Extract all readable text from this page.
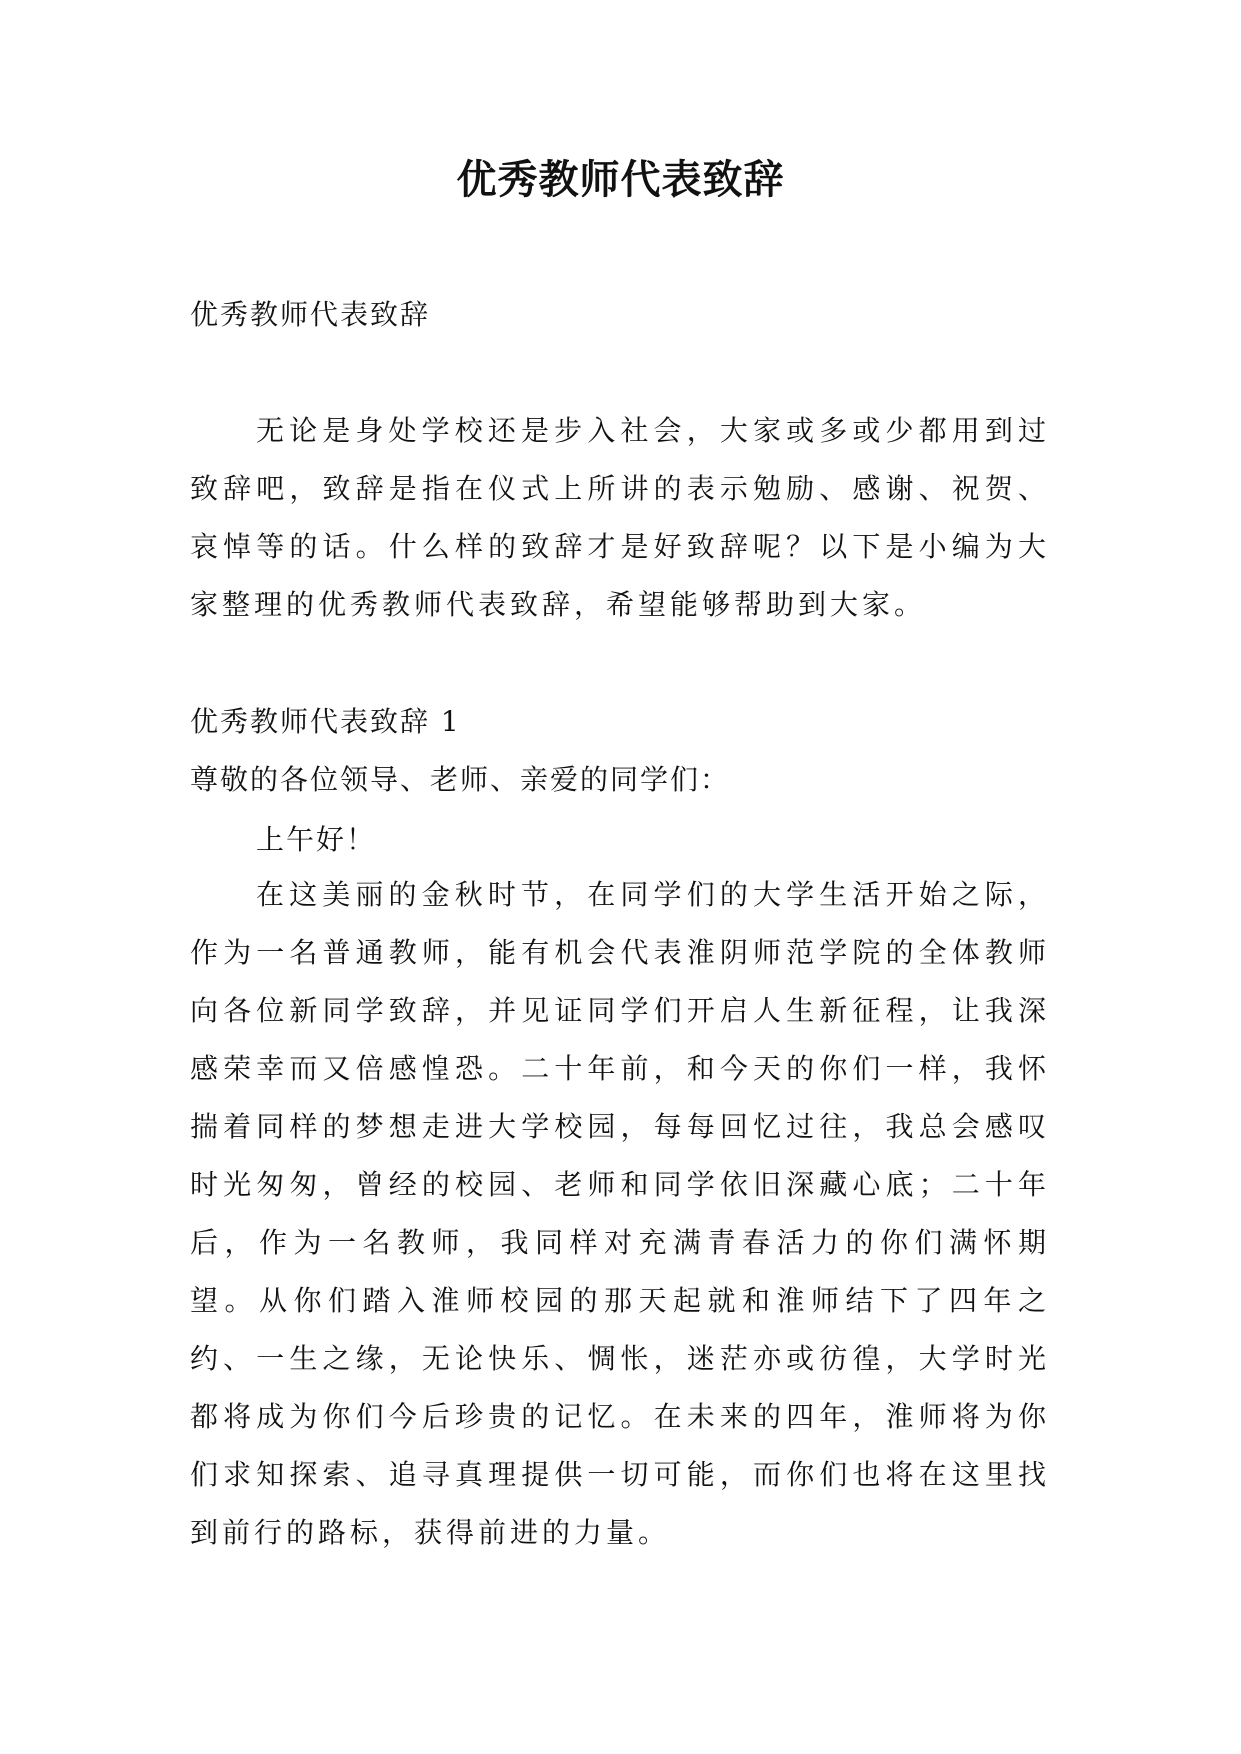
优秀教师代表致辞

优秀教师代表致辞

无论是身处学校还是步入社会，大家或多或少都用到过致辞吧，致辞是指在仪式上所讲的表示勉励、感谢、祝贺、哀悼等的话。什么样的致辞才是好致辞呢？以下是小编为大家整理的优秀教师代表致辞，希望能够帮助到大家。

优秀教师代表致辞 1

尊敬的各位领导、老师、亲爱的同学们：

上午好！

在这美丽的金秋时节，在同学们的大学生活开始之际，作为一名普通教师，能有机会代表淮阴师范学院的全体教师向各位新同学致辞，并见证同学们开启人生新征程，让我深感荣幸而又倍感惶恐。二十年前，和今天的你们一样，我怀揣着同样的梦想走进大学校园，每每回忆过往，我总会感叹时光匆匆，曾经的校园、老师和同学依旧深藏心底；二十年后，作为一名教师，我同样对充满青春活力的你们满怀期望。从你们踏入淮师校园的那天起就和淮师结下了四年之约、一生之缘，无论快乐、惆怅，迷茫亦或彷徨，大学时光都将成为你们今后珍贵的记忆。在未来的四年，淮师将为你们求知探索、追寻真理提供一切可能，而你们也将在这里找到前行的路标，获得前进的力量。
